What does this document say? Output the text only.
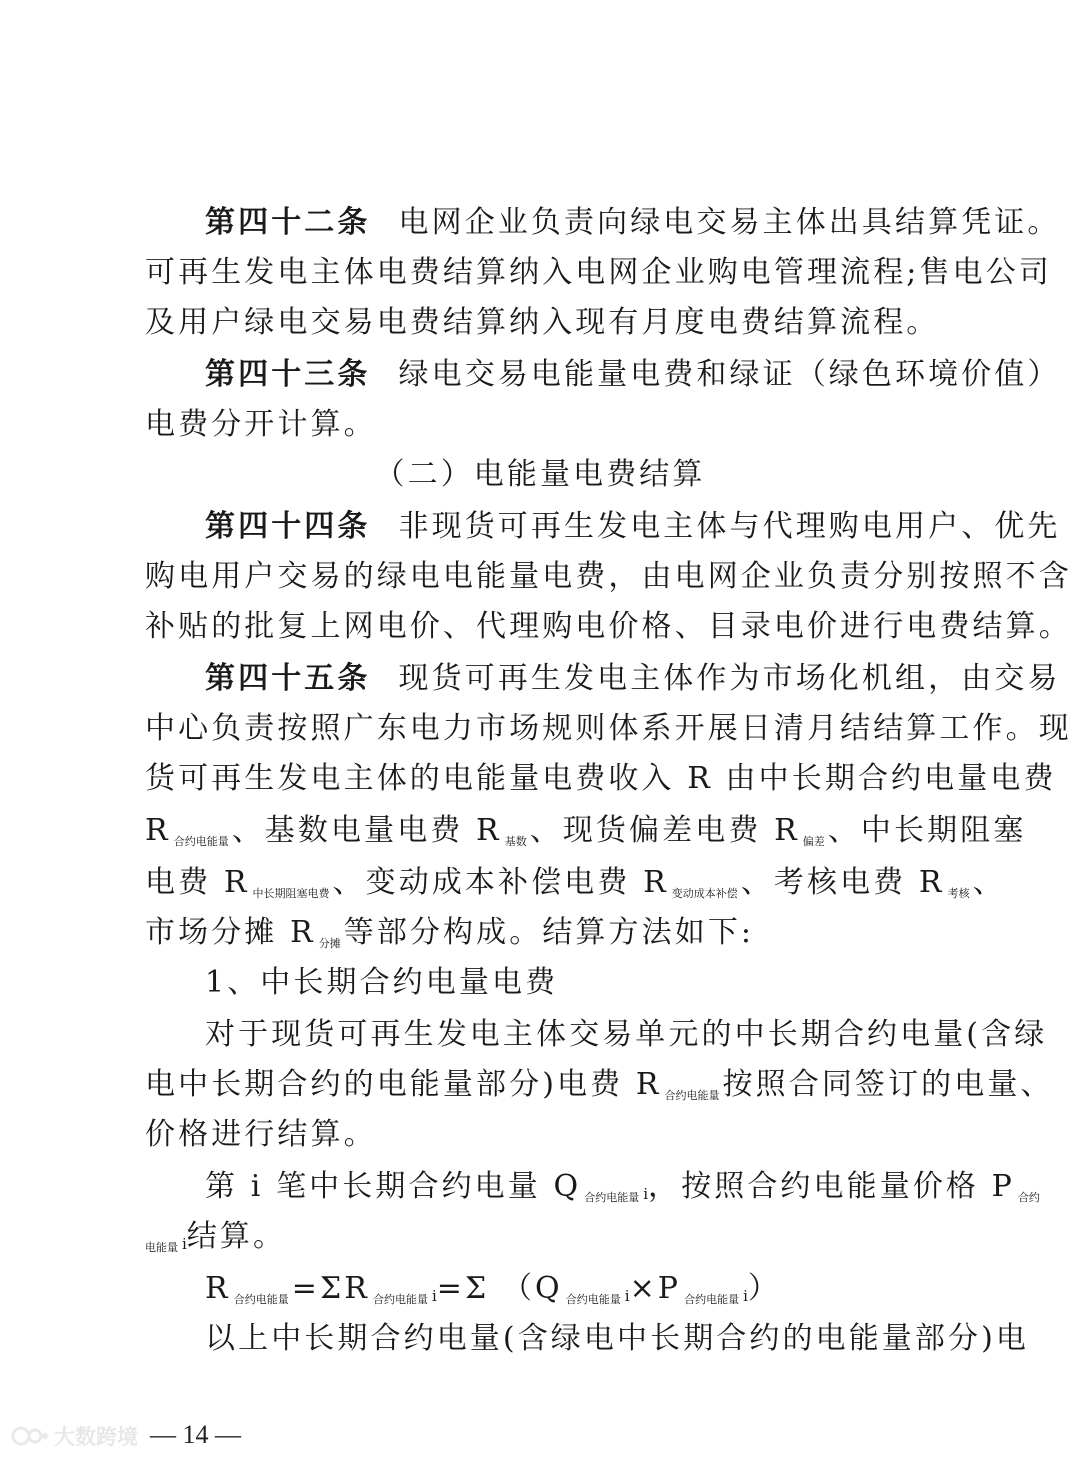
第四十二条 电网企业负责向绿电交易主体出具结算凭证。
可再生发电主体电费结算纳入电网企业购电管理流程;售电公司
及用户绿电交易电费结算纳入现有月度电费结算流程。
第四十三条 绿电交易电能量电费和绿证（绿色环境价值）
电费分开计算。
（二）电能量电费结算
第四十四条 非现货可再生发电主体与代理购电用户、优先
购电用户交易的绿电电能量电费，由电网企业负责分别按照不含
补贴的批复上网电价、代理购电价格、目录电价进行电费结算。
第四十五条 现货可再生发电主体作为市场化机组，由交易
中心负责按照广东电力市场规则体系开展日清月结结算工作。现
货可再生发电主体的电能量电费收入 R 由中长期合约电量电费
R $_{合约电能量}$ 、基数电量电费 R $_{基数}$ 、现货偏差电费 R $_{偏差}$ 、中长期阻塞
电费 R $_{中长期阻塞电费}$ 、变动成本补偿电费 R $_{变动成本补偿}$ 、考核电费 R $_{考核}$ 、
市场分摊 R $_{分摊}$ 等部分构成。结算方法如下:
1、中长期合约电量电费
对于现货可再生发电主体交易单元的中长期合约电量(含绿
电中长期合约的电能量部分)电费 R $_{合约电能量}$ 按照合同签订的电量、
价格进行结算。
第 i 笔中长期合约电量 Q $_{合约电能量}$ i，按照合约电能量价格 P $_{合约}$
$_{电能量}$ i结算。
R $_{合约电能量}$ =ΣR $_{合约电能量}$ i=Σ （Q $_{合约电能量}$ i×P $_{合约电能量}$ i）
以上中长期合约电量(含绿电中长期合约的电能量部分)电
大数跨境 — 14 —
